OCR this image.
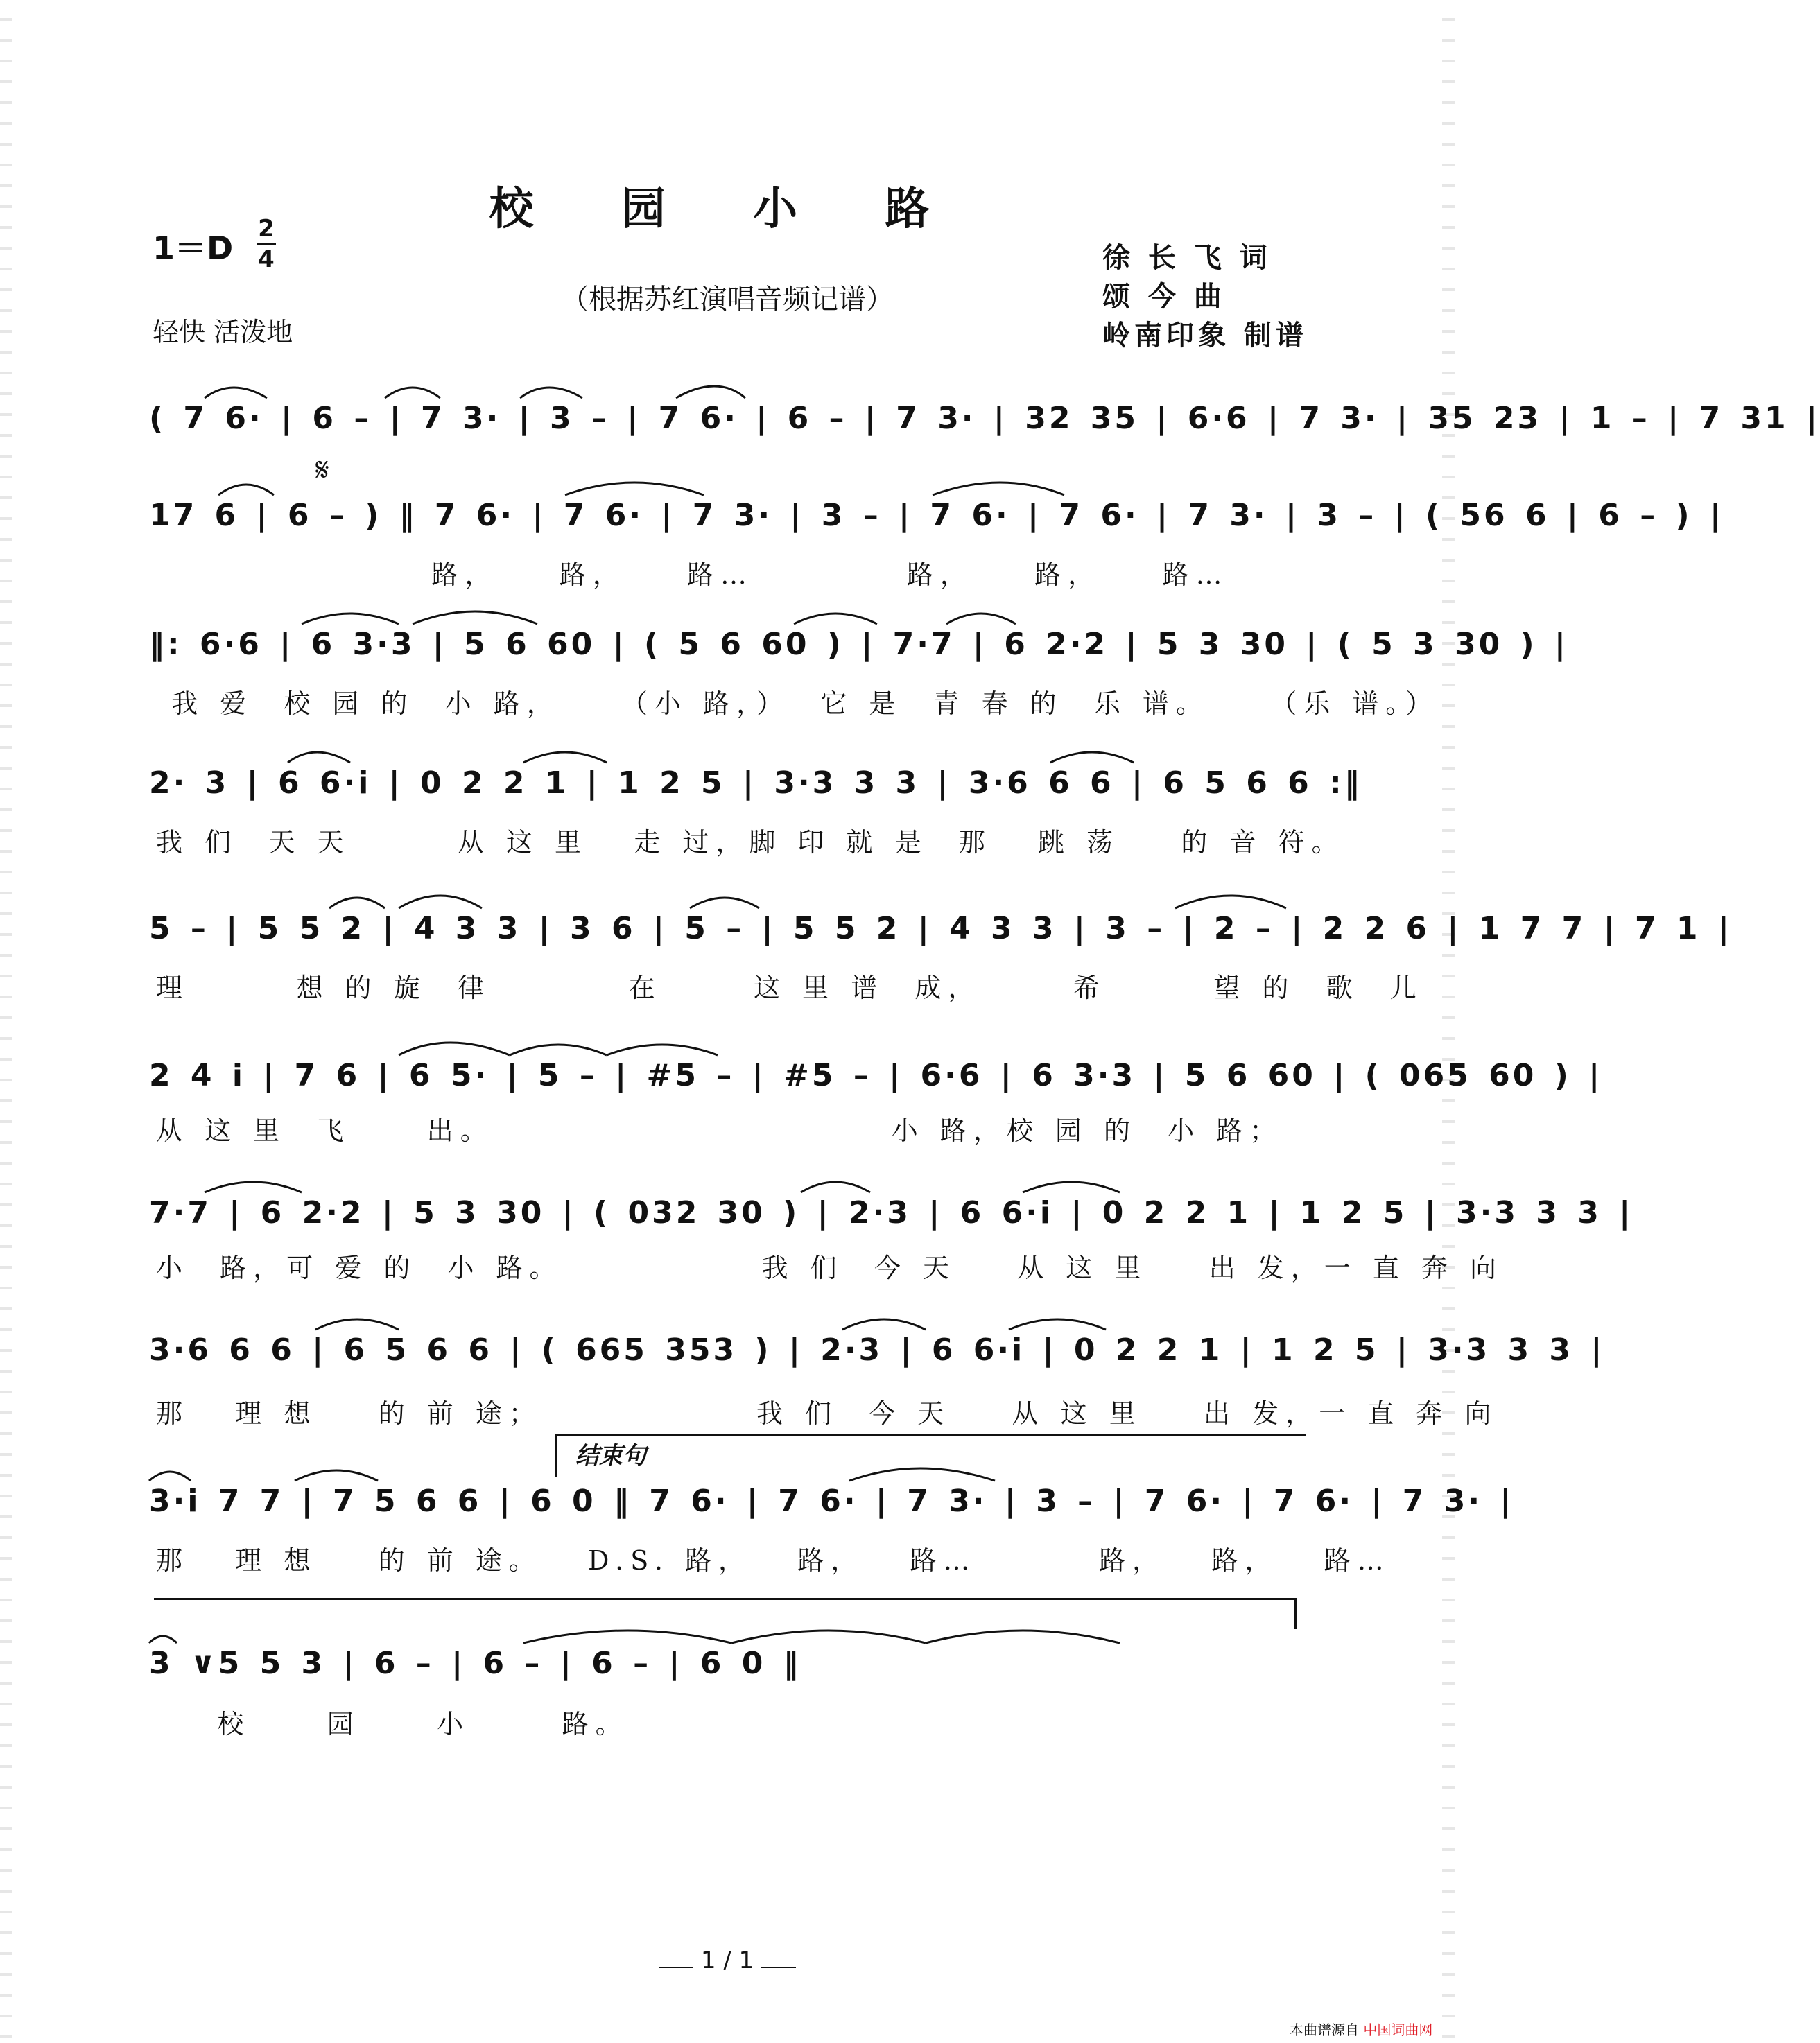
校 园 小 路
（根据苏红演唱音频记谱）
1＝D
2
4
轻快 活泼地
徐 长 飞 词
颂 今 曲
岭南印象 制谱
𝄋
( 7 6· | 6 – | 7 3· | 3 – | 7 6· | 6 – | 7 3· | 32 35 | 6·6 | 7 3· | 35 23 | 1 – | 7 31 |
17 6 | 6 – ) ‖ 7 6· | 7 6· | 7 3· | 3 – | 7 6· | 7 6· | 7 3· | 3 – | ( 56 6 | 6 – ) |
路，    路，    路…          路，    路，    路…
‖: 6·6 | 6 3·3 | 5 6 60 | ( 5 6 60 ) | 7·7 | 6 2·2 | 5 3 30 | ( 5 3 30 ) |
我 爱  校 园 的  小 路，    （小 路，）  它 是  青 春 的  乐 谱。    （乐 谱。）
2· 3 | 6 6·i | 0 2 2 1 | 1 2 5 | 3·3 3 3 | 3·6 6 6 | 6 5 6 6 :‖
我 们  天 天       从 这 里   走 过，脚 印 就 是  那   跳 荡    的 音 符。
5 – | 5 5 2 | 4 3 3 | 3 6 | 5 – | 5 5 2 | 4 3 3 | 3 – | 2 – | 2 2 6 | 1 7 7 | 7 1 |
理       想 的 旋  律         在      这 里 谱  成，      希       望 的  歌  儿
2 4 i | 7 6 | 6 5· | 5 – | #5 – | #5 – | 6·6 | 6 3·3 | 5 6 60 | ( 065 60 ) |
从 这 里  飞     出。                          小 路，校 园 的  小 路；
7·7 | 6 2·2 | 5 3 30 | ( 032 30 ) | 2·3 | 6 6·i | 0 2 2 1 | 1 2 5 | 3·3 3 3 |
小  路，可 爱 的  小 路。             我 们  今 天    从 这 里    出 发，一 直 奔 向
3·6 6 6 | 6 5 6 6 | ( 665 353 ) | 2·3 | 6 6·i | 0 2 2 1 | 1 2 5 | 3·3 3 3 |
那   理 想    的 前 途；              我 们  今 天    从 这 里    出 发，一 直 奔 向
结束句
3·i 7 7 | 7 5 6 6 | 6 0 ‖ 7 6· | 7 6· | 7 3· | 3 – | 7 6· | 7 6· | 7 3· |
那   理 想    的 前 途。   D.S. 路，   路，   路…        路，   路，   路…
3 ∨5 5 3 | 6 – | 6 – | 6 – | 6 0 ‖
校     园     小      路。
1 / 1
本曲谱源自 中国词曲网
